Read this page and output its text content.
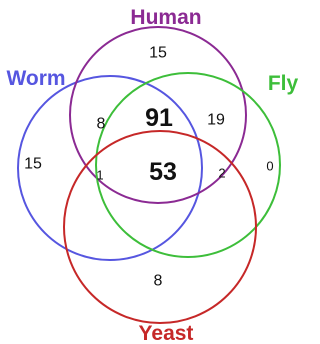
Human
Worm	Fly
Yeast
15
15	0
8
8	19
91
1	2
53
